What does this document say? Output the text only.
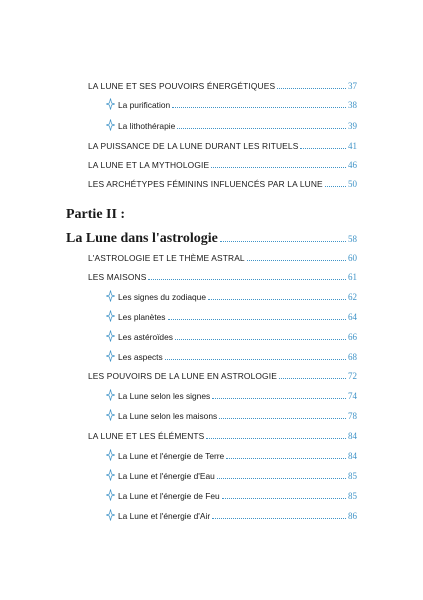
LA LUNE ET SES POUVOIRS ÉNERGÉTIQUES	37
La purification	38
La lithothérapie	39
LA PUISSANCE DE LA LUNE DURANT LES RITUELS	41
LA LUNE ET LA MYTHOLOGIE	46
LES ARCHÉTYPES FÉMININS INFLUENCÉS PAR LA LUNE	50
Partie II :
La Lune dans l'astrologie	58
L'ASTROLOGIE ET LE THÈME ASTRAL	60
LES MAISONS	61
Les signes du zodiaque	62
Les planètes	64
Les astéroïdes	66
Les aspects	68
LES POUVOIRS DE LA LUNE EN ASTROLOGIE	72
La Lune selon les signes	74
La Lune selon les maisons	78
LA LUNE ET LES ÉLÉMENTS	84
La Lune et l'énergie de Terre	84
La Lune et l'énergie d'Eau	85
La Lune et l'énergie de Feu	85
La Lune et l'énergie d'Air	86
